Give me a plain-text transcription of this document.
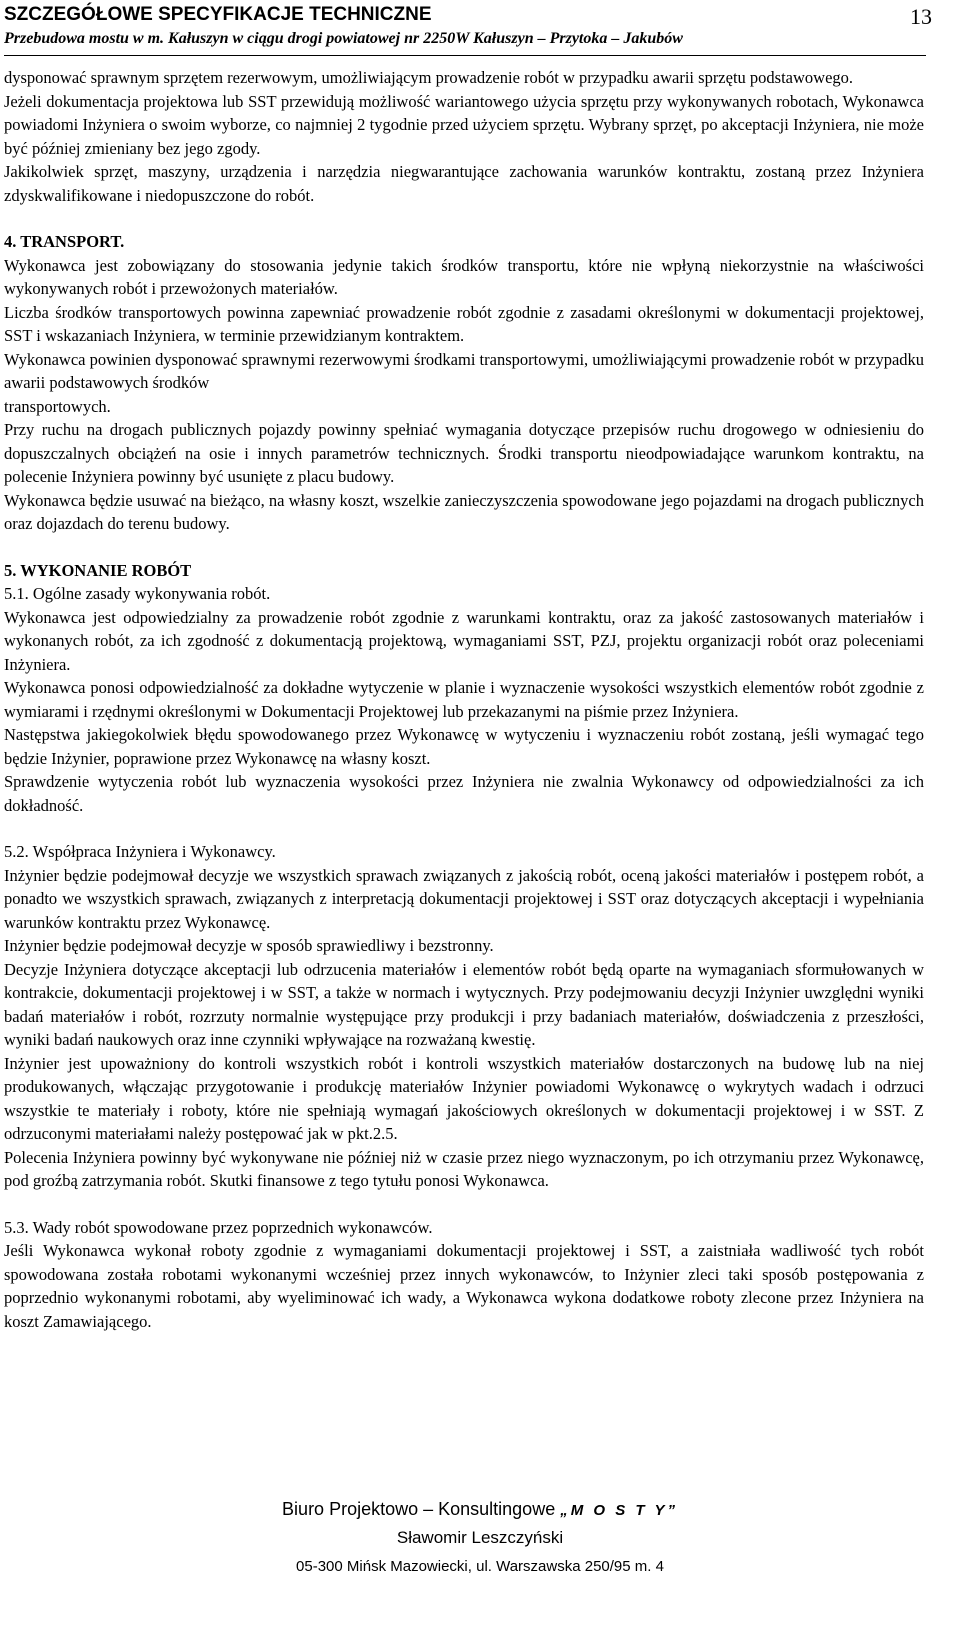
SZCZEGÓŁOWE SPECYFIKACJE TECHNICZNE
Przebudowa mostu w m. Kałuszyn w ciągu drogi powiatowej nr 2250W Kałuszyn – Przytoka – Jakubów
13

dysponować sprawnym sprzętem rezerwowym, umożliwiającym prowadzenie robót w przypadku awarii sprzętu podstawowego.

Jeżeli dokumentacja projektowa lub SST przewidują możliwość wariantowego użycia sprzętu przy wykonywanych robotach, Wykonawca powiadomi Inżyniera o swoim wyborze, co najmniej 2 tygodnie przed użyciem sprzętu. Wybrany sprzęt, po akceptacji Inżyniera, nie może być później zmieniany bez jego zgody.

Jakikolwiek sprzęt, maszyny, urządzenia i narzędzia niegwarantujące zachowania warunków kontraktu, zostaną przez Inżyniera zdyskwalifikowane i niedopuszczone do robót.

4. TRANSPORT.

Wykonawca jest zobowiązany do stosowania jedynie takich środków transportu, które nie wpłyną niekorzystnie na właściwości wykonywanych robót i przewożonych materiałów.

Liczba środków transportowych powinna zapewniać prowadzenie robót zgodnie z zasadami określonymi w dokumentacji projektowej, SST i wskazaniach Inżyniera, w terminie przewidzianym kontraktem.

Wykonawca powinien dysponować sprawnymi rezerwowymi środkami transportowymi, umożliwiającymi prowadzenie robót w przypadku awarii podstawowych środków

transportowych.

Przy ruchu na drogach publicznych pojazdy powinny spełniać wymagania dotyczące przepisów ruchu drogowego w odniesieniu do dopuszczalnych obciążeń na osie i innych parametrów technicznych. Środki transportu nieodpowiadające warunkom kontraktu, na polecenie Inżyniera powinny być usunięte z placu budowy.

Wykonawca będzie usuwać na bieżąco, na własny koszt, wszelkie zanieczyszczenia spowodowane jego pojazdami na drogach publicznych oraz dojazdach do terenu budowy.

5. WYKONANIE ROBÓT

5.1. Ogólne zasady wykonywania robót.

Wykonawca jest odpowiedzialny za prowadzenie robót zgodnie z warunkami kontraktu, oraz za jakość zastosowanych materiałów i wykonanych robót, za ich zgodność z dokumentacją projektową, wymaganiami SST, PZJ, projektu organizacji robót oraz poleceniami Inżyniera.

Wykonawca ponosi odpowiedzialność za dokładne wytyczenie w planie i wyznaczenie wysokości wszystkich elementów robót zgodnie z wymiarami i rzędnymi określonymi w Dokumentacji Projektowej lub przekazanymi na piśmie przez Inżyniera.

Następstwa jakiegokolwiek błędu spowodowanego przez Wykonawcę w wytyczeniu i wyznaczeniu robót zostaną, jeśli wymagać tego będzie Inżynier, poprawione przez Wykonawcę na własny koszt.

Sprawdzenie wytyczenia robót lub wyznaczenia wysokości przez Inżyniera nie zwalnia Wykonawcy od odpowiedzialności za ich dokładność.

5.2. Współpraca Inżyniera i Wykonawcy.

Inżynier będzie podejmował decyzje we wszystkich sprawach związanych z jakością robót, oceną jakości materiałów i postępem robót, a ponadto we wszystkich sprawach, związanych z interpretacją dokumentacji projektowej i SST oraz dotyczących akceptacji i wypełniania warunków kontraktu przez Wykonawcę.

Inżynier będzie podejmował decyzje w sposób sprawiedliwy i bezstronny.

Decyzje Inżyniera dotyczące akceptacji lub odrzucenia materiałów i elementów robót będą oparte na wymaganiach sformułowanych w kontrakcie, dokumentacji projektowej i w SST, a także w normach i wytycznych. Przy podejmowaniu decyzji Inżynier uwzględni wyniki badań materiałów i robót, rozrzuty normalnie występujące przy produkcji i przy badaniach materiałów, doświadczenia z przeszłości, wyniki badań naukowych oraz inne czynniki wpływające na rozważaną kwestię.

Inżynier jest upoważniony do kontroli wszystkich robót i kontroli wszystkich materiałów dostarczonych na budowę lub na niej produkowanych, włączając przygotowanie i produkcję materiałów Inżynier powiadomi Wykonawcę o wykrytych wadach i odrzuci wszystkie te materiały i roboty, które nie spełniają wymagań jakościowych określonych w dokumentacji projektowej i w SST. Z odrzuconymi materiałami należy postępować jak w pkt.2.5.

Polecenia Inżyniera powinny być wykonywane nie później niż w czasie przez niego wyznaczonym, po ich otrzymaniu przez Wykonawcę, pod groźbą zatrzymania robót. Skutki finansowe z tego tytułu ponosi Wykonawca.

5.3. Wady robót spowodowane przez poprzednich wykonawców.

Jeśli Wykonawca wykonał roboty zgodnie z wymaganiami dokumentacji projektowej i SST, a zaistniała wadliwość tych robót spowodowana została robotami wykonanymi wcześniej przez innych wykonawców, to Inżynier zleci taki sposób postępowania z poprzednio wykonanymi robotami, aby wyeliminować ich wady, a Wykonawca wykona dodatkowe roboty zlecone przez Inżyniera na koszt Zamawiającego.

Biuro Projektowo – Konsultingowe „M O S T Y”
Sławomir Leszczyński
05-300 Mińsk Mazowiecki, ul. Warszawska 250/95 m. 4
